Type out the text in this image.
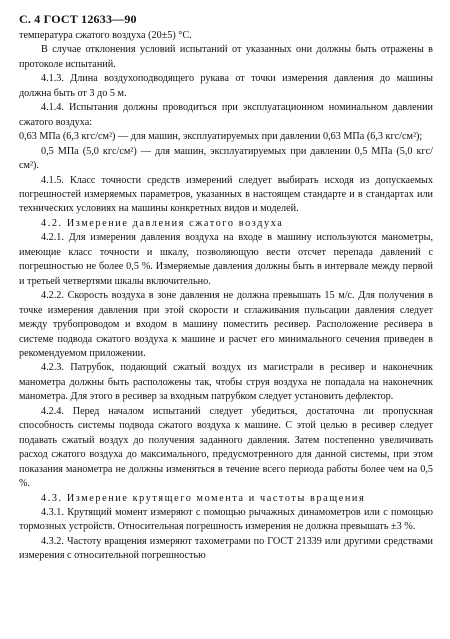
С. 4 ГОСТ 12633—90

температура сжатого воздуха (20±5) °С.

В случае отклонения условий испытаний от указанных они должны быть отражены в протоколе испытаний.

4.1.3. Длина воздухоподводящего рукава от точки измерения давления до машины должна быть от 3 до 5 м.

4.1.4. Испытания должны проводиться при эксплуатационном номинальном давлении сжатого воздуха:

0,63 МПа (6,3 кгс/см²) — для машин, эксплуатируемых при давлении 0,63 МПа (6,3 кгс/см²);

0,5 МПа (5,0 кгс/см²) — для машин, эксплуатируемых при давлении 0,5 МПа (5,0 кгс/см²).

4.1.5. Класс точности средств измерений следует выбирать исходя из допускаемых погрешностей измеряемых параметров, указанных в настоящем стандарте и в стандартах или технических условиях на машины конкретных видов и моделей.

4.2. Измерение давления сжатого воздуха

4.2.1. Для измерения давления воздуха на входе в машину используются манометры, имеющие класс точности и шкалу, позволяющую вести отсчет перепада давлений с погрешностью не более 0,5 %. Измеряемые давления должны быть в интервале между первой и третьей четвертями шкалы включительно.

4.2.2. Скорость воздуха в зоне давления не должна превышать 15 м/с. Для получения в точке измерения давления при этой скорости и сглаживания пульсации давления следует между трубопроводом и входом в машину поместить ресивер. Расположение ресивера в системе подвода сжатого воздуха к машине и расчет его минимального сечения приведен в рекомендуемом приложении.

4.2.3. Патрубок, подающий сжатый воздух из магистрали в ресивер и наконечник манометра должны быть расположены так, чтобы струя воздуха не попадала на наконечник манометра. Для этого в ресивер за входным патрубком следует установить дефлектор.

4.2.4. Перед началом испытаний следует убедиться, достаточна ли пропускная способность системы подвода сжатого воздуха к машине. С этой целью в ресивер следует подавать сжатый воздух до получения заданного давления. Затем постепенно увеличивать расход сжатого воздуха до максимального, предусмотренного для данной системы, при этом показания манометра не должны изменяться в течение всего периода работы более чем на 0,5 %.

4.3. Измерение крутящего момента и частоты вращения

4.3.1. Крутящий момент измеряют с помощью рычажных динамометров или с помощью тормозных устройств. Относительная погрешность измерения не должна превышать ±3 %.

4.3.2. Частоту вращения измеряют тахометрами по ГОСТ 21339 или другими средствами измерения с относительной погрешностью
